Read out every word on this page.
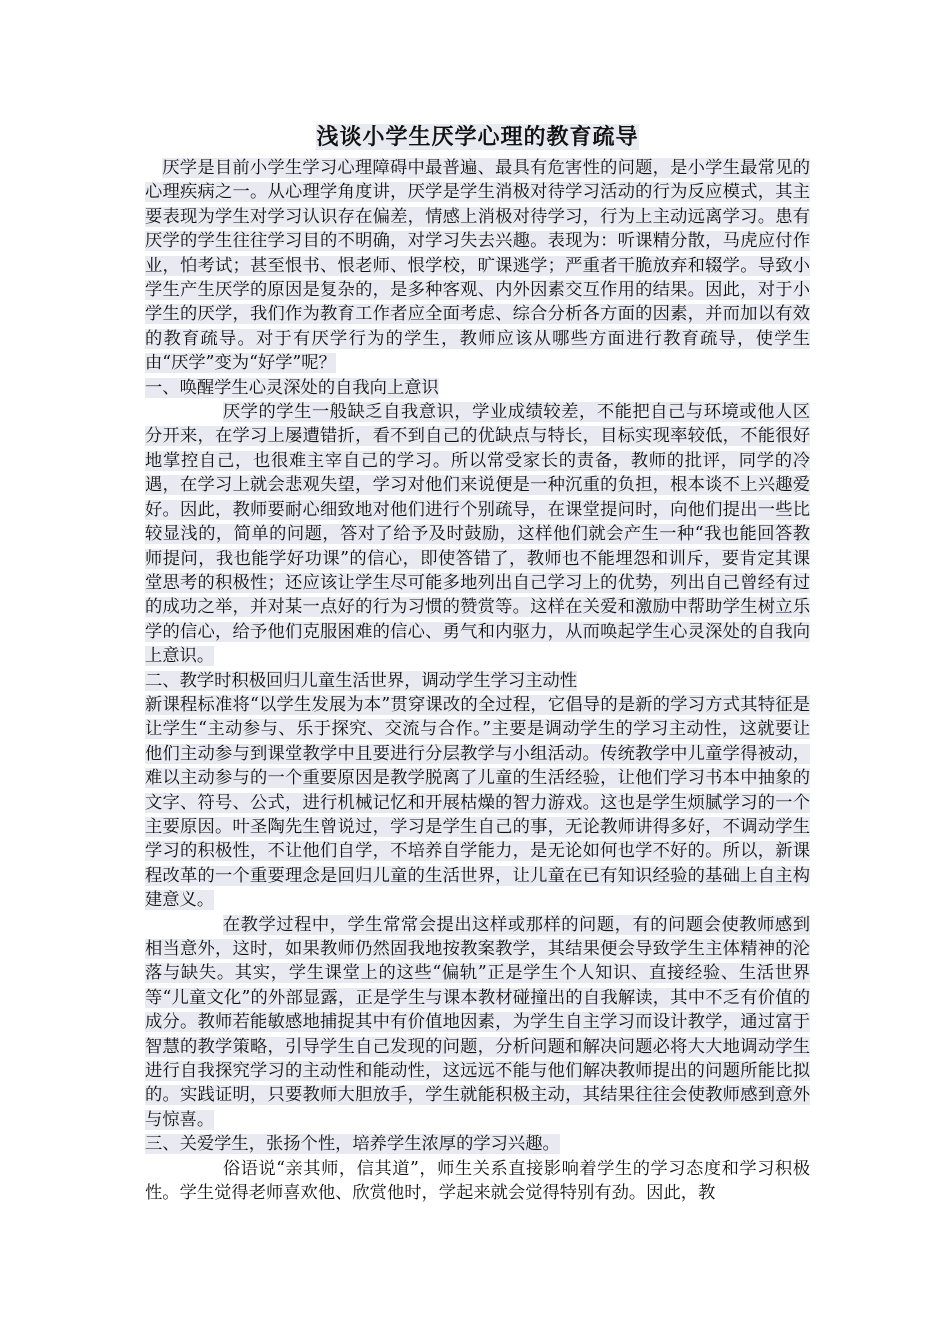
浅谈小学生厌学心理的教育疏导

厌学是目前小学生学习心理障碍中最普遍、最具有危害性的问题，是小学生最常见的心理疾病之一。从心理学角度讲，厌学是学生消极对待学习活动的行为反应模式，其主要表现为学生对学习认识存在偏差，情感上消极对待学习，行为上主动远离学习。患有厌学的学生往往学习目的不明确，对学习失去兴趣。表现为：听课精分散，马虎应付作业，怕考试；甚至恨书、恨老师、恨学校，旷课逃学；严重者干脆放弃和辍学。导致小学生产生厌学的原因是复杂的，是多种客观、内外因素交互作用的结果。因此，对于小学生的厌学，我们作为教育工作者应全面考虑、综合分析各方面的因素，并而加以有效的教育疏导。对于有厌学行为的学生，教师应该从哪些方面进行教育疏导，使学生由“厌学”变为“好学”呢？

一、唤醒学生心灵深处的自我向上意识

厌学的学生一般缺乏自我意识，学业成绩较差，不能把自己与环境或他人区分开来，在学习上屡遭错折，看不到自己的优缺点与特长，目标实现率较低，不能很好地掌控自己，也很难主宰自己的学习。所以常受家长的责备，教师的批评，同学的冷遇，在学习上就会悲观失望，学习对他们来说便是一种沉重的负担，根本谈不上兴趣爱好。因此，教师要耐心细致地对他们进行个别疏导，在课堂提问时，向他们提出一些比较显浅的，简单的问题，答对了给予及时鼓励，这样他们就会产生一种“我也能回答教师提问，我也能学好功课”的信心，即使答错了，教师也不能埋怨和训斥，要肯定其课堂思考的积极性；还应该让学生尽可能多地列出自己学习上的优势，列出自己曾经有过的成功之举，并对某一点好的行为习惯的赞赏等。这样在关爱和激励中帮助学生树立乐学的信心，给予他们克服困难的信心、勇气和内驱力，从而唤起学生心灵深处的自我向上意识。

二、教学时积极回归儿童生活世界，调动学生学习主动性

新课程标准将“以学生发展为本”贯穿课改的全过程，它倡导的是新的学习方式其特征是让学生“主动参与、乐于探究、交流与合作。”主要是调动学生的学习主动性，这就要让他们主动参与到课堂教学中且要进行分层教学与小组活动。传统教学中儿童学得被动，难以主动参与的一个重要原因是教学脱离了儿童的生活经验，让他们学习书本中抽象的文字、符号、公式，进行机械记忆和开展枯燥的智力游戏。这也是学生烦腻学习的一个主要原因。叶圣陶先生曾说过，学习是学生自己的事，无论教师讲得多好，不调动学生学习的积极性，不让他们自学，不培养自学能力，是无论如何也学不好的。所以，新课程改革的一个重要理念是回归儿童的生活世界，让儿童在已有知识经验的基础上自主构建意义。

在教学过程中，学生常常会提出这样或那样的问题，有的问题会使教师感到相当意外，这时，如果教师仍然固我地按教案教学，其结果便会导致学生主体精神的沦落与缺失。其实，学生课堂上的这些“偏轨”正是学生个人知识、直接经验、生活世界等“儿童文化”的外部显露，正是学生与课本教材碰撞出的自我解读，其中不乏有价值的成分。教师若能敏感地捕捉其中有价值地因素，为学生自主学习而设计教学，通过富于智慧的教学策略，引导学生自己发现的问题，分析问题和解决问题必将大大地调动学生进行自我探究学习的主动性和能动性，这远远不能与他们解决教师提出的问题所能比拟的。实践证明，只要教师大胆放手，学生就能积极主动，其结果往往会使教师感到意外与惊喜。

三、关爱学生，张扬个性，培养学生浓厚的学习兴趣。

俗语说“亲其师，信其道”，师生关系直接影响着学生的学习态度和学习积极性。学生觉得老师喜欢他、欣赏他时，学起来就会觉得特别有劲。因此，教
